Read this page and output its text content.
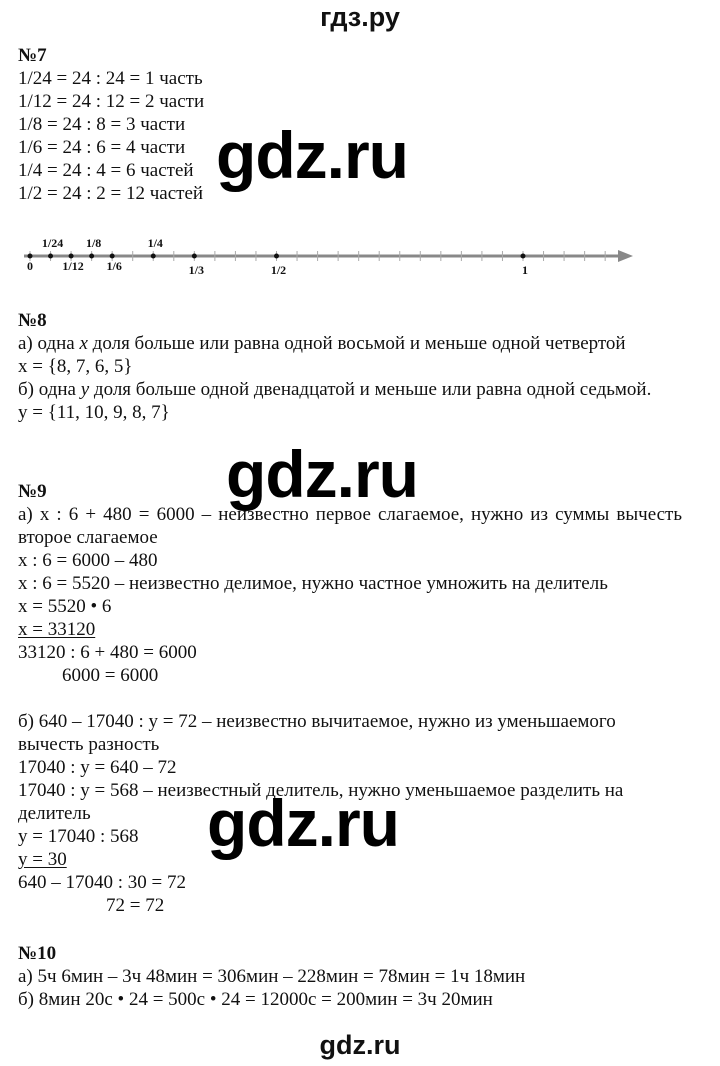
гдз.ру
№7
1/24 = 24 : 24 = 1 часть
1/12 = 24 : 12 = 2 части
1/8 = 24 : 8 = 3 части
1/6 = 24 : 6 = 4 части
1/4 = 24 : 4 = 6 частей
1/2 = 24 : 2 = 12 частей
0
1/24
1/12
1/8
1/6
1/4
1/3	1/2	1
№8
а) одна x доля больше или равна одной восьмой и меньше одной четвертой
x = {8, 7, 6, 5}
б) одна y доля больше одной двенадцатой и меньше или равна одной седьмой.
y = {11, 10, 9, 8, 7}
№9
а) x : 6 + 480 = 6000 – неизвестно первое слагаемое, нужно из суммы вычесть второе слагаемое
x : 6 = 6000 – 480
x : 6 = 5520 – неизвестно делимое, нужно частное умножить на делитель
x = 5520 • 6
x = 33120
33120 : 6 + 480 = 6000
6000 = 6000
б) 640 – 17040 : y = 72 – неизвестно вычитаемое, нужно из уменьшаемого вычесть разность
17040 : y = 640 – 72
17040 : y = 568 – неизвестный делитель, нужно уменьшаемое разделить на делитель
y = 17040 : 568
y = 30
640 – 17040 : 30 = 72
72 = 72
№10
а) 5ч 6мин – 3ч 48мин = 306мин – 228мин = 78мин = 1ч 18мин
б) 8мин 20с • 24 = 500с • 24 = 12000с = 200мин = 3ч 20мин
gdz.ru
gdz.ru
gdz.ru
gdz.ru
